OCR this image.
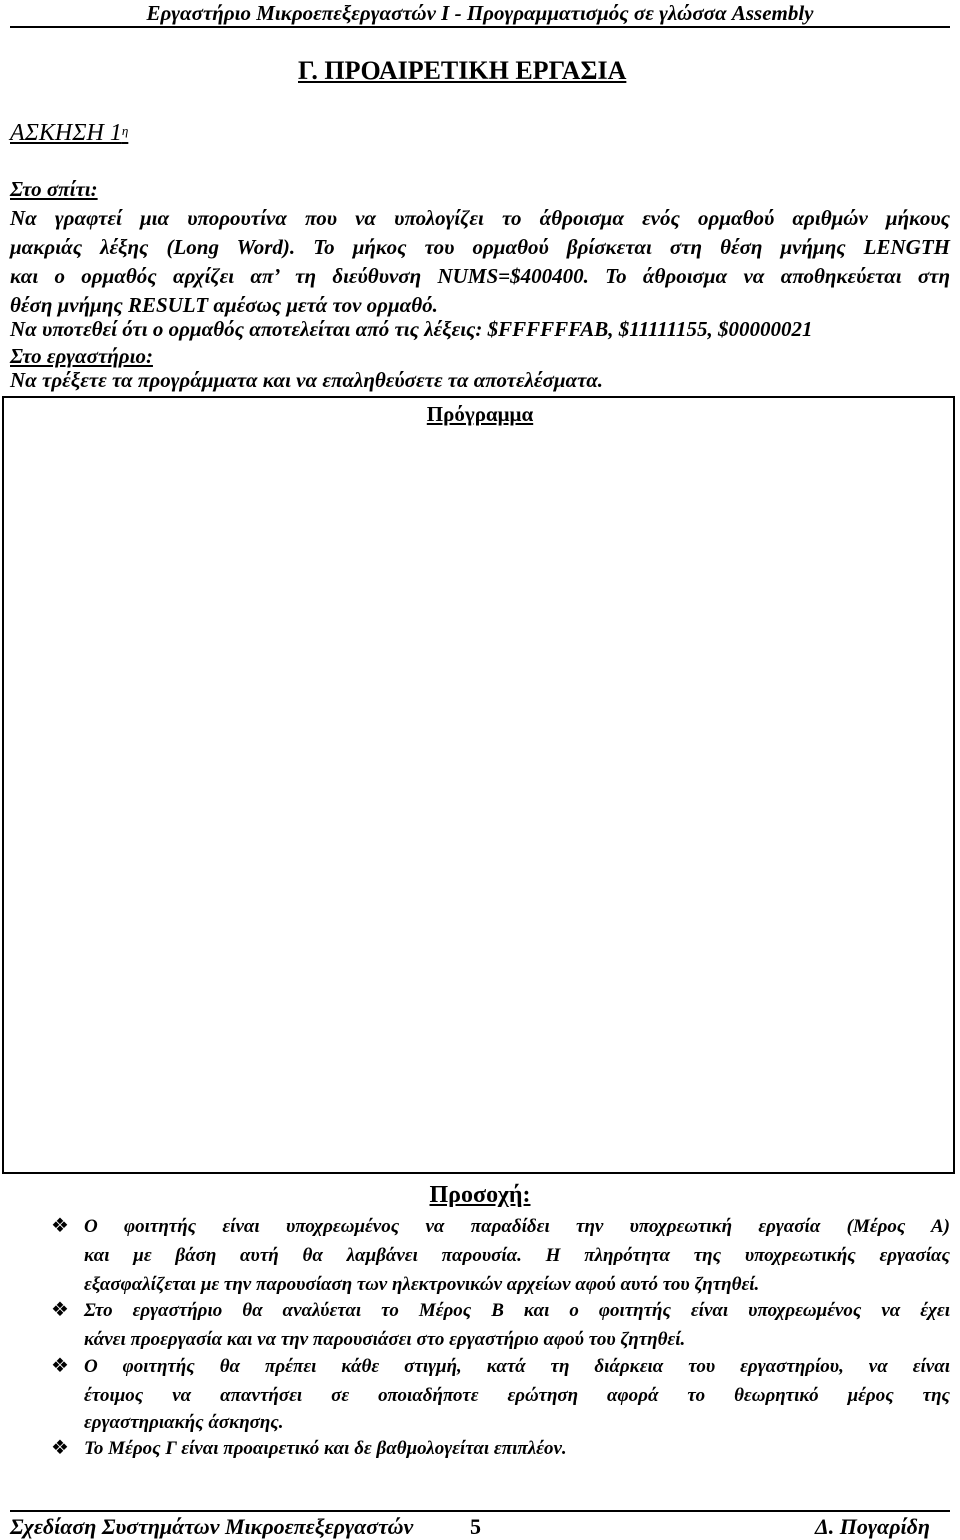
Εργαστήριο Μικροεπεξεργαστών Ι - Προγραμματισμός σε γλώσσα Assembly
Γ. ΠΡΟΑΙΡΕΤΙΚΗ ΕΡΓΑΣΙΑ
ΑΣΚΗΣΗ $1^\eta$
Στο σπίτι:
Να γραφτεί μια υπορουτίνα που να υπολογίζει το άθροισμα ενός ορμαθού αριθμών μήκους
μακριάς λέξης (Long Word). Το μήκος του ορμαθού βρίσκεται στη θέση μνήμης LENGTH
και ο ορμαθός αρχίζει απ’ τη διεύθυνση NUMS=$400400. Το άθροισμα να αποθηκεύεται στη
θέση μνήμης RESULT αμέσως μετά τον ορμαθό.
Να υποτεθεί ότι ο ορμαθός αποτελείται από τις λέξεις: $FFFFFFAB, $11111155, $00000021
Στο εργαστήριο:
Να τρέξετε τα προγράμματα και να επαληθεύσετε τα αποτελέσματα.
Πρόγραμμα
Προσοχή:
❖ Ο φοιτητής είναι υποχρεωμένος να παραδίδει την υποχρεωτική εργασία (Μέρος Α)
και με βάση αυτή θα λαμβάνει παρουσία. Η πληρότητα της υποχρεωτικής εργασίας
εξασφαλίζεται με την παρουσίαση των ηλεκτρονικών αρχείων αφού αυτό του ζητηθεί.
❖ Στο εργαστήριο θα αναλύεται το Μέρος Β και ο φοιτητής είναι υποχρεωμένος να έχει
κάνει προεργασία και να την παρουσιάσει στο εργαστήριο αφού του ζητηθεί.
❖ Ο φοιτητής θα πρέπει κάθε στιγμή, κατά τη διάρκεια του εργαστηρίου, να είναι
έτοιμος να απαντήσει σε οποιαδήποτε ερώτηση αφορά το θεωρητικό μέρος της
εργαστηριακής άσκησης.
❖ Το Μέρος Γ είναι προαιρετικό και δε βαθμολογείται επιπλέον.
Σχεδίαση Συστημάτων Μικροεπεξεργαστών	5	Δ. Πογαρίδη
